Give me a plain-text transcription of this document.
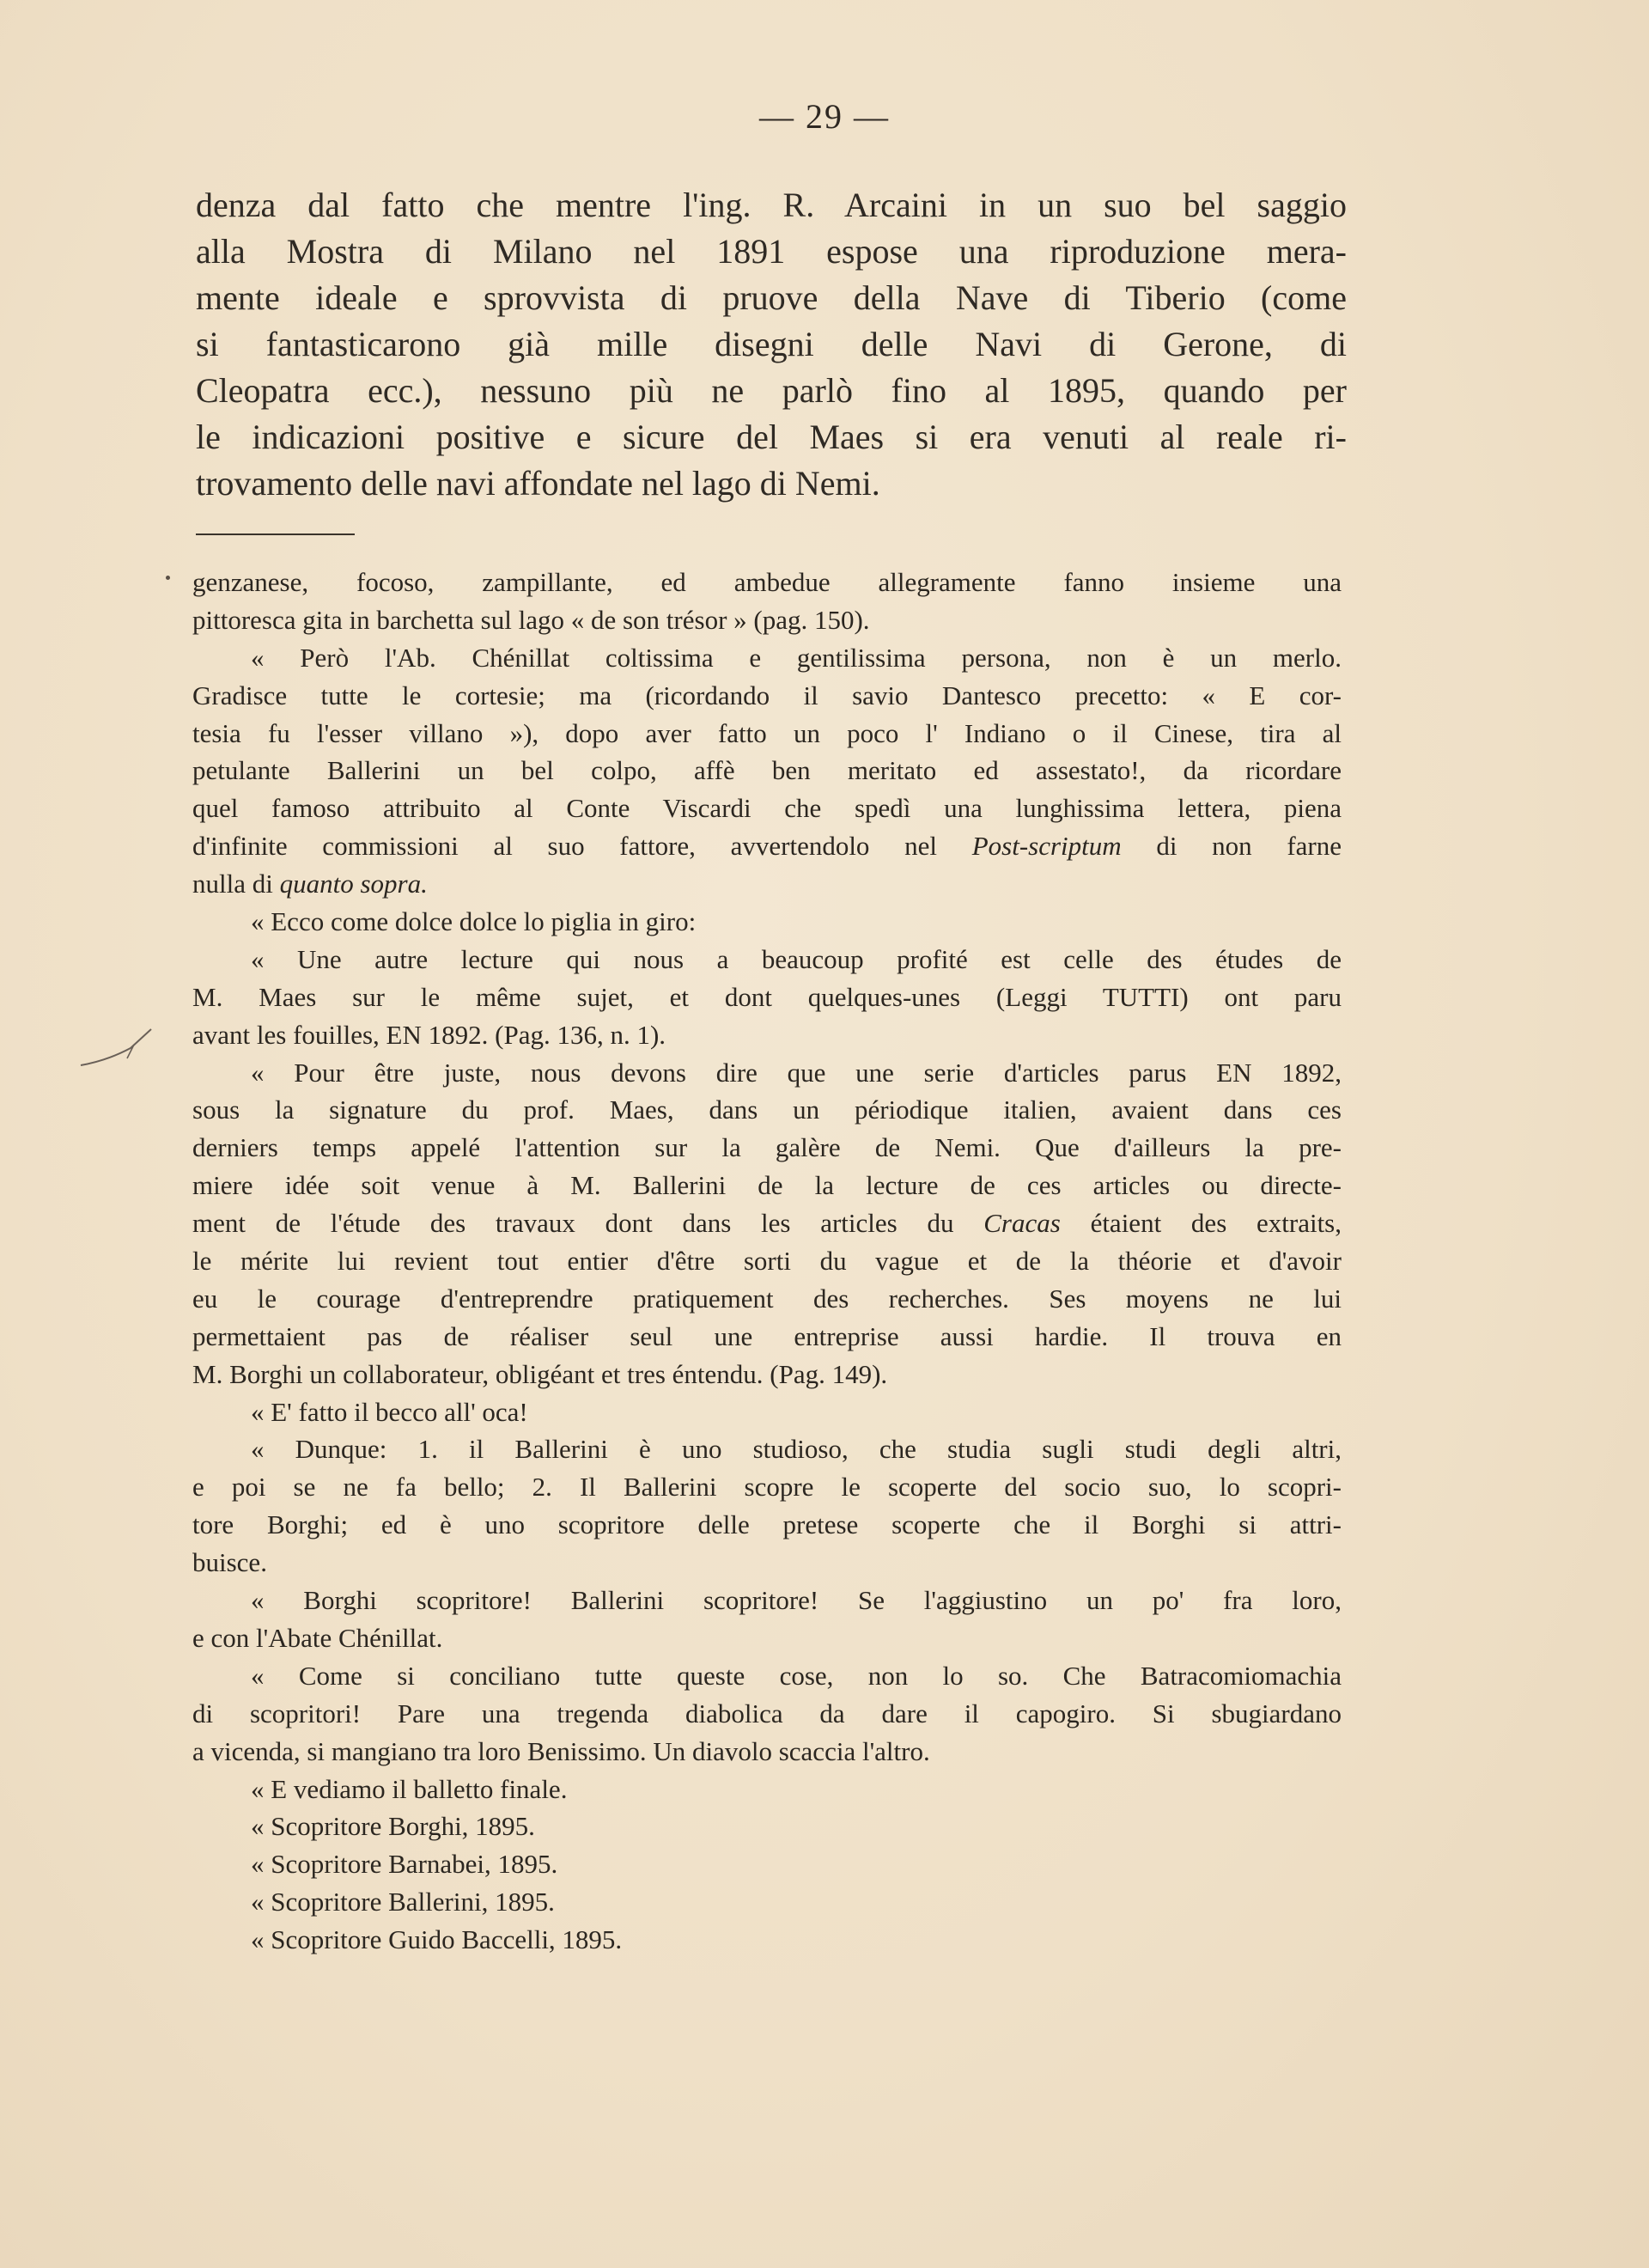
— 29 —
denza dal fatto che mentre l'ing. R. Arcaini in un suo bel saggio
alla Mostra di Milano nel 1891 espose una riproduzione mera-
mente ideale e sprovvista di pruove della Nave di Tiberio (come
si fantasticarono già mille disegni delle Navi di Gerone, di
Cleopatra ecc.), nessuno più ne parlò fino al 1895, quando per
le indicazioni positive e sicure del Maes si era venuti al reale ri-
trovamento delle navi affondate nel lago di Nemi.
genzanese, focoso, zampillante, ed ambedue allegramente fanno insieme una
pittoresca gita in barchetta sul lago « de son trésor » (pag. 150).
« Però l'Ab. Chénillat coltissima e gentilissima persona, non è un merlo.
Gradisce tutte le cortesie; ma (ricordando il savio Dantesco precetto: « E cor-
tesia fu l'esser villano »), dopo aver fatto un poco l' Indiano o il Cinese, tira al
petulante Ballerini un bel colpo, affè ben meritato ed assestato!, da ricordare
quel famoso attribuito al Conte Viscardi che spedì una lunghissima lettera, piena
d'infinite commissioni al suo fattore, avvertendolo nel Post-scriptum di non farne
nulla di quanto sopra.
« Ecco come dolce dolce lo piglia in giro:
« Une autre lecture qui nous a beaucoup profité est celle des études de
M. Maes sur le même sujet, et dont quelques-unes (Leggi TUTTI) ont paru
avant les fouilles, EN 1892. (Pag. 136, n. 1).
« Pour être juste, nous devons dire que une serie d'articles parus EN 1892,
sous la signature du prof. Maes, dans un périodique italien, avaient dans ces
derniers temps appelé l'attention sur la galère de Nemi. Que d'ailleurs la pre-
miere idée soit venue à M. Ballerini de la lecture de ces articles ou directe-
ment de l'étude des travaux dont dans les articles du Cracas étaient des extraits,
le mérite lui revient tout entier d'être sorti du vague et de la théorie et d'avoir
eu le courage d'entreprendre pratiquement des recherches. Ses moyens ne lui
permettaient pas de réaliser seul une entreprise aussi hardie. Il trouva en
M. Borghi un collaborateur, obligéant et tres éntendu. (Pag. 149).
« E' fatto il becco all' oca!
« Dunque: 1. il Ballerini è uno studioso, che studia sugli studi degli altri,
e poi se ne fa bello; 2. Il Ballerini scopre le scoperte del socio suo, lo scopri-
tore Borghi; ed è uno scopritore delle pretese scoperte che il Borghi si attri-
buisce.
« Borghi scopritore! Ballerini scopritore! Se l'aggiustino un po' fra loro,
e con l'Abate Chénillat.
« Come si conciliano tutte queste cose, non lo so. Che Batracomiomachia
di scopritori! Pare una tregenda diabolica da dare il capogiro. Si sbugiardano
a vicenda, si mangiano tra loro Benissimo. Un diavolo scaccia l'altro.
« E vediamo il balletto finale.
« Scopritore Borghi, 1895.
« Scopritore Barnabei, 1895.
« Scopritore Ballerini, 1895.
« Scopritore Guido Baccelli, 1895.
